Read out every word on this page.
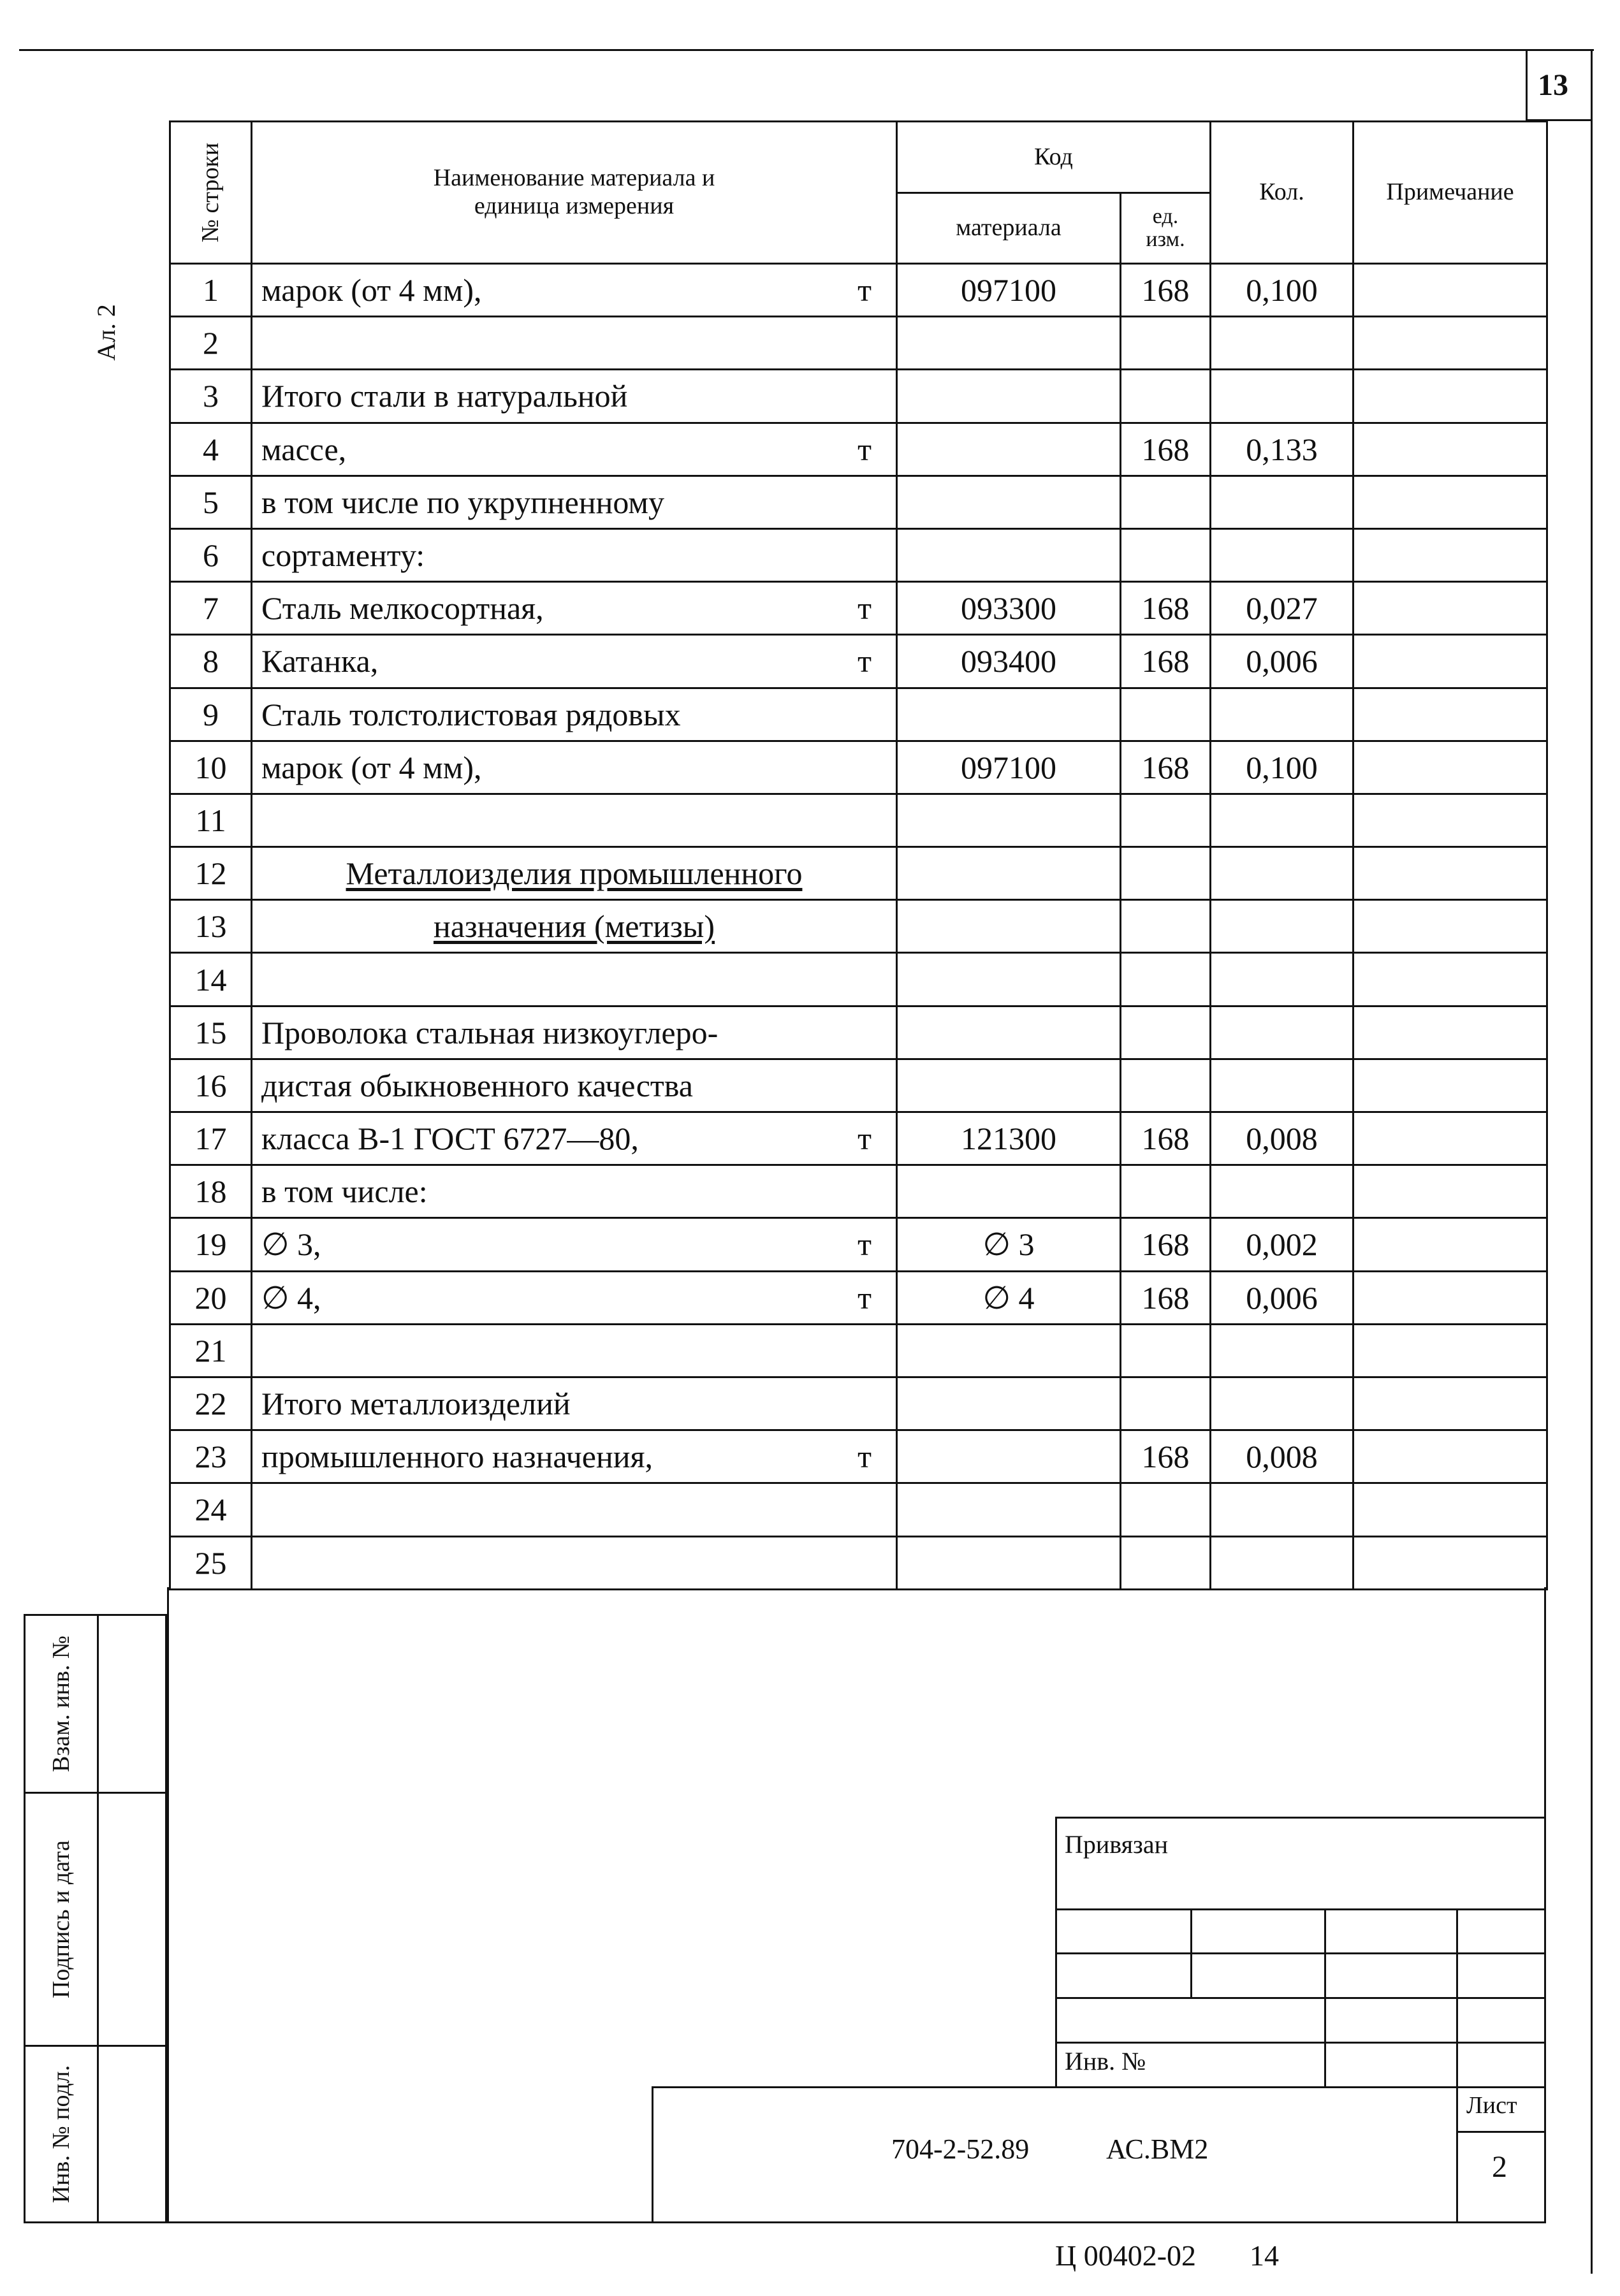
13
Ал. 2
№ строки	Наименование материала и единица измерения	Код		Кол.	Примечание
		материала	ед. изм.		
1	марок (от 4 мм), т	097100	168	0,100	
2	

3	Итого стали в натуральной

4	массе, т		168	0,133	
5	в том числе по укрупненному

6	сортаменту:

7	Сталь мелкосортная, т	093300	168	0,027	
8	Катанка, т	093400	168	0,006	
9	Сталь толстолистовая рядовых

10	марок (от 4 мм),	097100	168	0,100	
11	

12	Металлоизделия промышленного

13	назначения (метизы)

14	

15	Проволока стальная низкоуглеро-

16	дистая обыкновенного качества

17	класса В-1 ГОСТ 6727—80, т	121300	168	0,008	
18	в том числе:

19	∅ 3, т	∅ 3	168	0,002	
20	∅ 4, т	∅ 4	168	0,006	
21	

22	Итого металлоизделий

23	промышленного назначения, т		168	0,008	
24	

25	

Взам. инв. №
Подпись и дата
Инв. № подл.
Привязан
Инв. №
704-2-52.89	АС.ВМ2
Лист
2
Ц 00402-02 14
